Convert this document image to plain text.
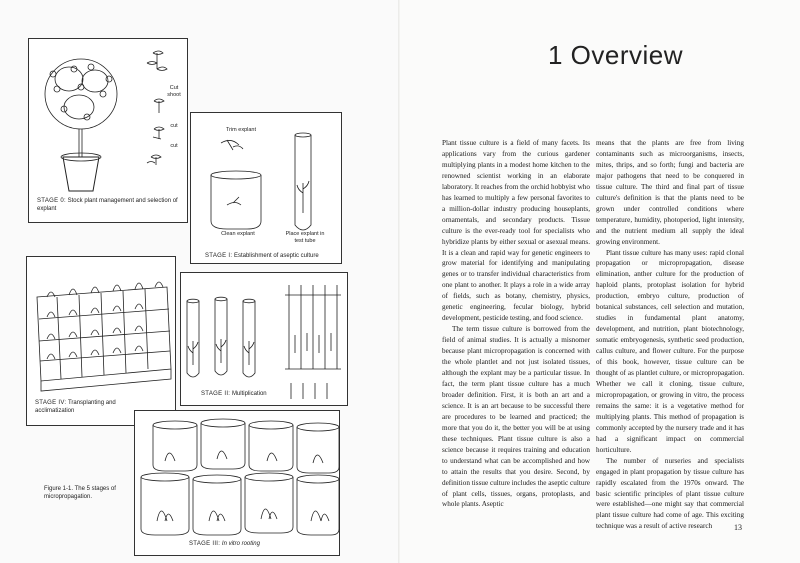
Cut shoot
cut
cut
STAGE 0: Stock plant management and selection of explant
Trim explant
Clean explant	Place explant in test tube
STAGE I: Establishment of aseptic culture
STAGE IV: Transplanting and acclimatization
STAGE II: Multiplication
STAGE III: In vitro rooting
Figure 1-1. The 5 stages of micropropagation.
1 Overview

Plant tissue culture is a field of many facets. Its applications vary from the curious gardener multiplying plants in a modest home kitchen to the renowned scientist working in an elaborate laboratory. It reaches from the orchid hobbyist who has learned to multiply a few personal favorites to a million-dollar industry producing houseplants, ornamentals, and secondary products. Tissue culture is the ever-ready tool for specialists who hybridize plants by either sexual or asexual means. It is a clean and rapid way for genetic engineers to grow material for identifying and manipulating genes or to transfer individual characteristics from one plant to another. It plays a role in a wide array of fields, such as botany, chemistry, physics, genetic engineering, fecular biology, hybrid development, pesticide testing, and food science.

The term tissue culture is borrowed from the field of animal studies. It is actually a misnomer because plant micropropagation is concerned with the whole plantlet and not just isolated tissues, although the explant may be a particular tissue. In fact, the term plant tissue culture has a much broader definition. First, it is both an art and a science. It is an art because to be successful there are procedures to be learned and practiced; the more that you do it, the better you will be at using these techniques. Plant tissue culture is also a science because it requires training and education to understand what can be accomplished and how to attain the results that you desire. Second, by definition tissue culture includes the aseptic culture of plant cells, tissues, organs, protoplasts, and whole plants. Aseptic

means that the plants are free from living contaminants such as microorganisms, insects, mites, thrips, and so forth; fungi and bacteria are major pathogens that need to be conquered in tissue culture. The third and final part of tissue culture's definition is that the plants need to be grown under controlled conditions where temperature, humidity, photoperiod, light intensity, and the nutrient medium all supply the ideal growing environment.

Plant tissue culture has many uses: rapid clonal propagation or micropropagation, disease elimination, anther culture for the production of haploid plants, protoplast isolation for hybrid production, embryo culture, production of botanical substances, cell selection and mutation, studies in fundamental plant anatomy, development, and nutrition, plant biotechnology, somatic embryogenesis, synthetic seed production, callus culture, and flower culture. For the purpose of this book, however, tissue culture can be thought of as plantlet culture, or micropropagation. Whether we call it cloning, tissue culture, micropropagation, or growing in vitro, the process remains the same: it is a vegetative method for multiplying plants. This method of propagation is commonly accepted by the nursery trade and it has had a significant impact on commercial horticulture.

The number of nurseries and specialists engaged in plant propagation by tissue culture has rapidly escalated from the 1970s onward. The basic scientific principles of plant tissue culture were established—one might say that commercial plant tissue culture had come of age. This exciting technique was a result of active research	13
